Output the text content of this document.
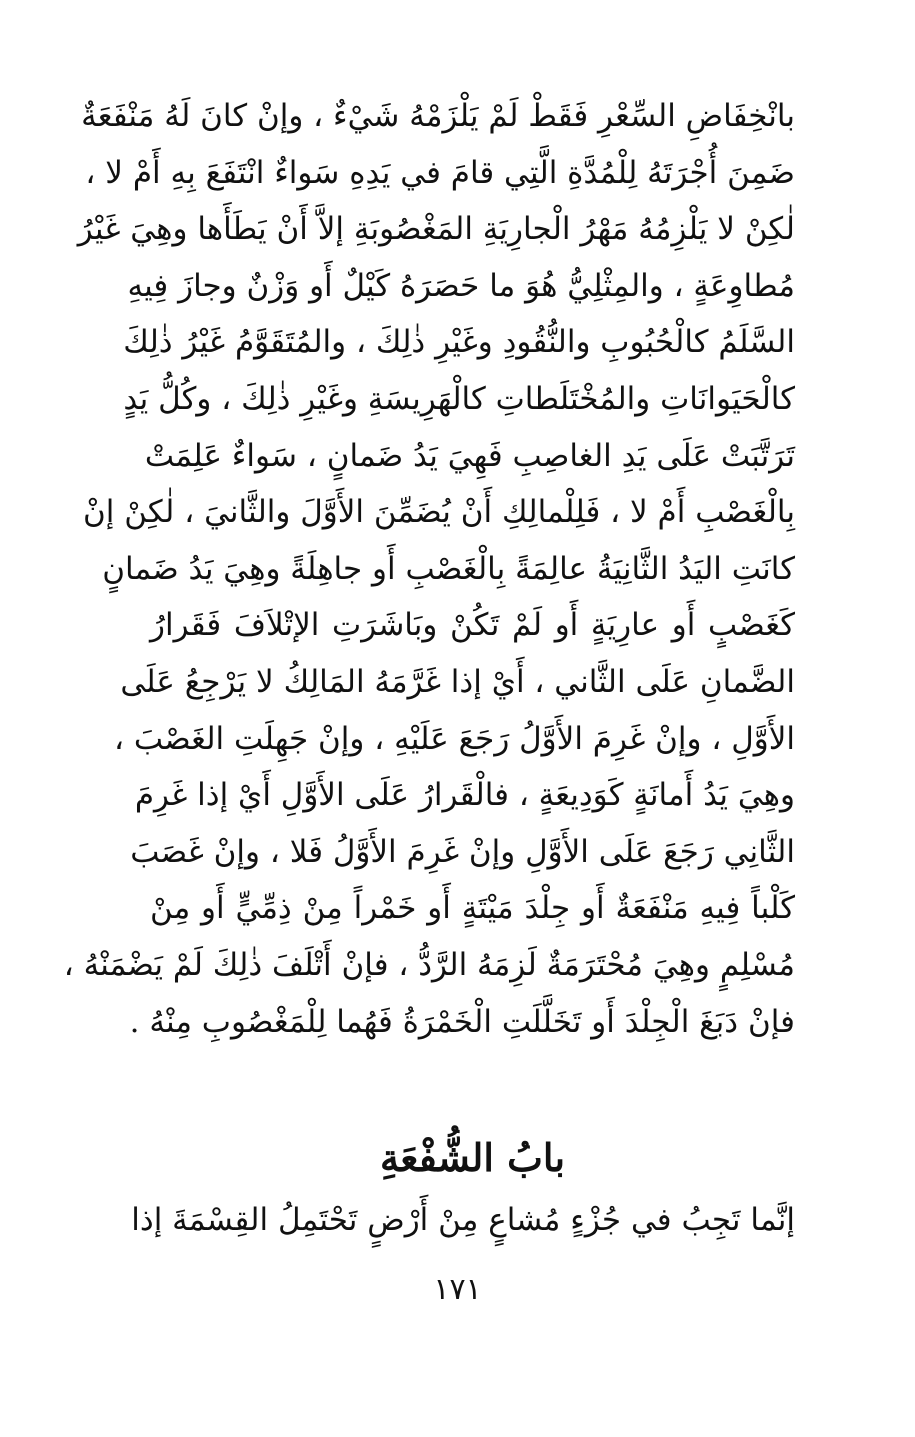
بانْخِفَاضِ السِّعْرِ فَقَطْ لَمْ يَلْزَمْهُ شَيْءٌ ، وإنْ كانَ لَهُ مَنْفَعَةٌ
ضَمِنَ أُجْرَتَهُ لِلْمُدَّةِ الَّتِي قامَ في يَدِهِ سَواءٌ انْتَفَعَ بِهِ أَمْ لا ،
لٰكِنْ لا يَلْزِمُهُ مَهْرُ الْجارِيَةِ المَغْصُوبَةِ إلاَّ أَنْ يَطَأَها وهِيَ غَيْرُ
مُطاوِعَةٍ ، والمِثْلِيُّ هُوَ ما حَصَرَهُ كَيْلٌ أَو وَزْنٌ وجازَ فِيهِ
السَّلَمُ كالْحُبُوبِ والنُّقُودِ وغَيْرِ ذٰلِكَ ، والمُتَقَوَّمُ غَيْرُ ذٰلِكَ
كالْحَيَوانَاتِ والمُخْتَلَطاتِ كالْهَرِيسَةِ وغَيْرِ ذٰلِكَ ، وكُلُّ يَدٍ
تَرَتَّبَتْ عَلَى يَدِ الغاصِبِ فَهِيَ يَدُ ضَمانٍ ، سَواءٌ عَلِمَتْ
بِالْغَصْبِ أَمْ لا ، فَلِلْمالِكِ أَنْ يُضَمِّنَ الأَوَّلَ والثَّانيَ ، لٰكِنْ إنْ
كانَتِ اليَدُ الثَّانِيَةُ عالِمَةً بِالْغَصْبِ أَو جاهِلَةً وهِيَ يَدُ ضَمانٍ
كَغَصْبٍ أَو عارِيَةٍ أَو لَمْ تَكُنْ وبَاشَرَتِ الإتْلاَفَ فَقَرارُ
الضَّمانِ عَلَى الثَّاني ، أَيْ إذا غَرَّمَهُ المَالِكُ لا يَرْجِعُ عَلَى
الأَوَّلِ ، وإنْ غَرِمَ الأَوَّلُ رَجَعَ عَلَيْهِ ، وإنْ جَهِلَتِ الغَصْبَ ،
وهِيَ يَدُ أَمانَةٍ كَوَدِيعَةٍ ، فالْقَرارُ عَلَى الأَوَّلِ أَيْ إذا غَرِمَ
الثَّانِي رَجَعَ عَلَى الأَوَّلِ وإنْ غَرِمَ الأَوَّلُ فَلا ، وإنْ غَصَبَ
كَلْباً فِيهِ مَنْفَعَةٌ أَو جِلْدَ مَيْتَةٍ أَو خَمْراً مِنْ ذِمِّيٍّ أَو مِنْ
مُسْلِمٍ وهِيَ مُحْتَرَمَةٌ لَزِمَهُ الرَّدُّ ، فإنْ أَتْلَفَ ذٰلِكَ لَمْ يَضْمَنْهُ ،
فإنْ دَبَغَ الْجِلْدَ أَو تَخَلَّلَتِ الْخَمْرَةُ فَهُما لِلْمَغْصُوبِ مِنْهُ .
بابُ الشُّفْعَةِ
إنَّما تَجِبُ في جُزْءٍ مُشاعٍ مِنْ أَرْضٍ تَحْتَمِلُ القِسْمَةَ إذا
١٧١
